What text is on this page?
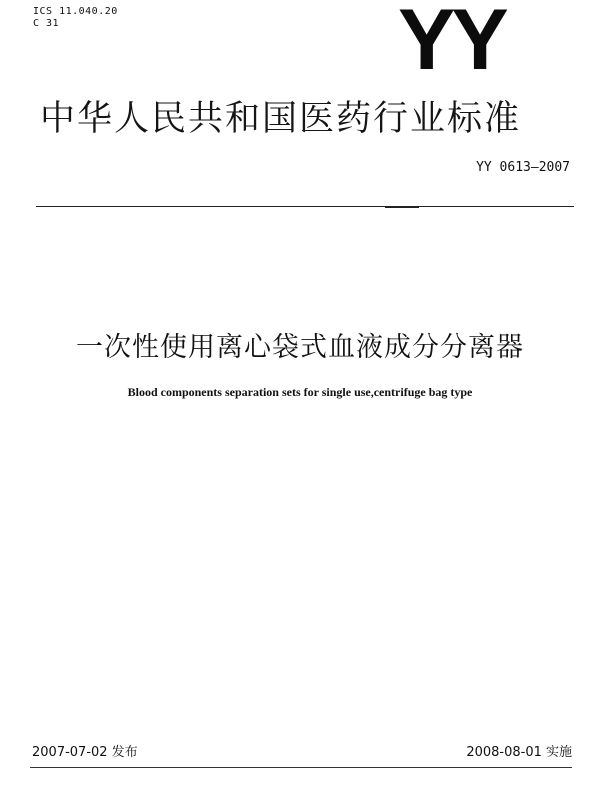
ICS 11.040.20
C 31	YY
中华人民共和国医药行业标准
YY 0613—2007
一次性使用离心袋式血液成分分离器
Blood components separation sets for single use,centrifuge bag type
2007-07-02 发布	2008-08-01 实施
